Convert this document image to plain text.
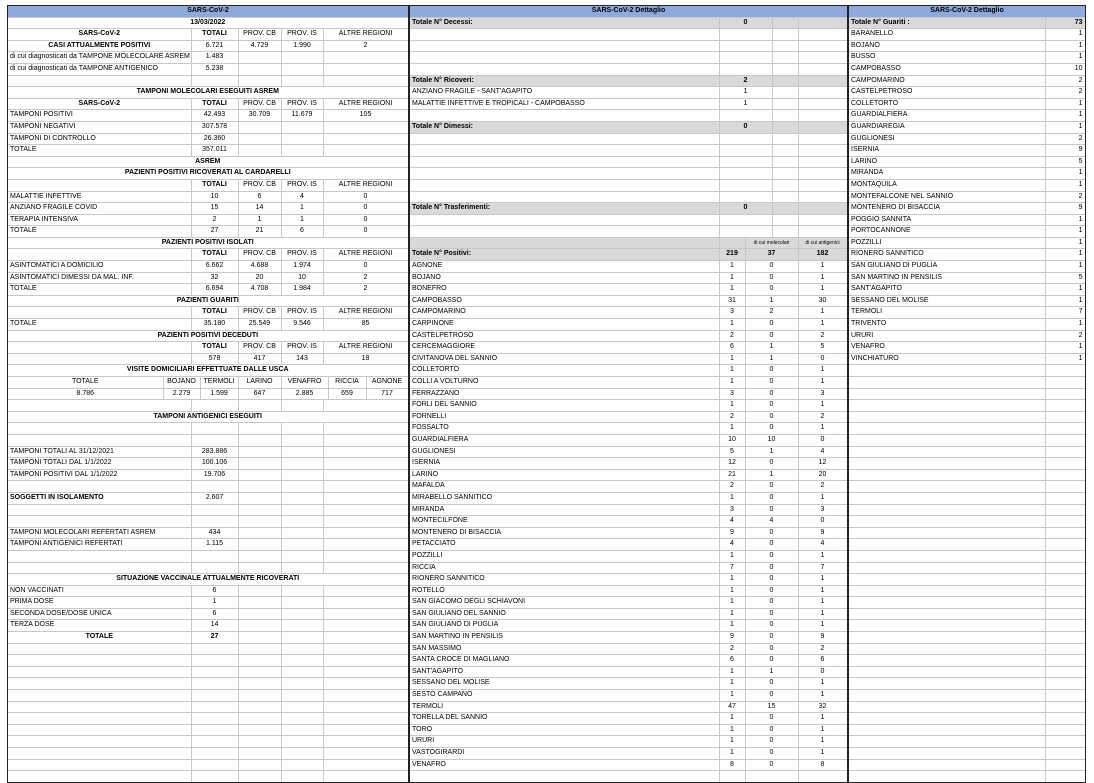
SARS-CoV-2				
13/03/2022				
SARS-CoV-2	TOTALI	PROV. CB	PROV. IS	ALTRE REGIONI
CASI ATTUALMENTE POSITIVI	6.721	4.729	1.990	2
di cui diagnosticati da TAMPONE MOLECOLARE ASREM	1.483			
di cui diagnosticati da TAMPONE ANTIGENICO	5.238			

TAMPONI MOLECOLARI ESEGUITI ASREM				
SARS-CoV-2	TOTALI	PROV. CB	PROV. IS	ALTRE REGIONI
TAMPONI POSITIVI	42.493	30.709	11.679	105
TAMPONI NEGATIVI	307.578			
TAMPONI DI CONTROLLO	26.360			
TOTALE	357.011			
ASREM				
PAZIENTI POSITIVI RICOVERATI AL CARDARELLI				
	TOTALI	PROV. CB	PROV. IS	ALTRE REGIONI
MALATTIE INFETTIVE	10	6	4	0
ANZIANO FRAGILE COVID	15	14	1	0
TERAPIA INTENSIVA	2	1	1	0
TOTALE	27	21	6	0
PAZIENTI POSITIVI ISOLATI				
	TOTALI	PROV. CB	PROV. IS	ALTRE REGIONI
ASINTOMATICI A DOMICILIO	6.662	4.688	1.974	0
ASINTOMATICI DIMESSI DA MAL. INF.	32	20	10	2
TOTALE	6.694	4.708	1.984	2
PAZIENTI GUARITI				
	TOTALI	PROV. CB	PROV. IS	ALTRE REGIONI
TOTALE	35.180	25.549	9.546	85
PAZIENTI POSITIVI DECEDUTI				
	TOTALI	PROV. CB	PROV. IS	ALTRE REGIONI
	578	417	143	18
VISITE DOMICILIARI EFFETTUATE DALLE USCA						
TOTALE	BOJANO	TERMOLI	LARINO	VENAFRO	RICCIA	AGNONE
8.786	2.279	1.599	647	2.885	659	717

TAMPONI ANTIGENICI ESEGUITI				

TAMPONI TOTALI AL 31/12/2021	283.886			
TAMPONI TOTALI DAL 1/1/2022	100.106			
TAMPONI POSITIVI DAL 1/1/2022	19.706			

SOGGETTI IN ISOLAMENTO	2.607			

TAMPONI MOLECOLARI REFERTATI ASREM	434			
TAMPONI ANTIGENICI REFERTATI	1.115			

SITUAZIONE VACCINALE ATTUALMENTE RICOVERATI				
NON VACCINATI	6			
PRIMA DOSE	1			
SECONDA DOSE/DOSE UNICA	6			
TERZA DOSE	14			
TOTALE	27			

SARS-CoV-2 Dettaglio				
Totale N° Decessi:	0			

Totale N° Ricoveri:	2			
ANZIANO FRAGILE - SANT'AGAPITO	1			
MALATTIE INFETTIVE E TROPICALI - CAMPOBASSO	1			

Totale N° Dimessi:	0			

Totale N° Trasferimenti:	0			

		di cui molecolari		di cui antigenici
Totale N° Positivi:	219	37		182
AGNONE	1	0		1
BOJANO	1	0		1
BONEFRO	1	0		1
CAMPOBASSO	31	1		30
CAMPOMARINO	3	2		1
CARPINONE	1	0		1
CASTELPETROSO	2	0		2
CERCEMAGGIORE	6	1		5
CIVITANOVA DEL SANNIO	1	1		0
COLLETORTO	1	0		1
COLLI A VOLTURNO	1	0		1
FERRAZZANO	3	0		3
FORLI DEL SANNIO	1	0		1
FORNELLI	2	0		2
FOSSALTO	1	0		1
GUARDIALFIERA	10	10		0
GUGLIONESI	5	1		4
ISERNIA	12	0		12
LARINO	21	1		20
MAFALDA	2	0		2
MIRABELLO SANNITICO	1	0		1
MIRANDA	3	0		3
MONTECILFONE	4	4		0
MONTENERO DI BISACCIA	9	0		9
PETACCIATO	4	0		4
POZZILLI	1	0		1
RICCIA	7	0		7
RIONERO SANNITICO	1	0		1
ROTELLO	1	0		1
SAN GIACOMO DEGLI SCHIAVONI	1	0		1
SAN GIULIANO DEL SANNIO	1	0		1
SAN GIULIANO DI PUGLIA	1	0		1
SAN MARTINO IN PENSILIS	9	0		9
SAN MASSIMO	2	0		2
SANTA CROCE DI MAGLIANO	6	0		6
SANT'AGAPITO	1	1		0
SESSANO DEL MOLISE	1	0		1
SESTO CAMPANO	1	0		1
TERMOLI	47	15		32
TORELLA DEL SANNIO	1	0		1
TORO	1	0		1
URURI	1	0		1
VASTOGIRARDI	1	0		1
VENAFRO	8	0		8

SARS-CoV-2 Dettaglio	
Totale N° Guariti :	73
BARANELLO	1
BOJANO	1
BUSSO	1
CAMPOBASSO	10
CAMPOMARINO	2
CASTELPETROSO	2
COLLETORTO	1
GUARDIALFIERA	1
GUARDIAREGIA	1
GUGLIONESI	2
ISERNIA	9
LARINO	5
MIRANDA	1
MONTAQUILA	1
MONTEFALCONE NEL SANNIO	2
MONTENERO DI BISACCIA	9
POGGIO SANNITA	1
PORTOCANNONE	1
POZZILLI	1
RIONERO SANNITICO	1
SAN GIULIANO DI PUGLIA	1
SAN MARTINO IN PENSILIS	5
SANT'AGAPITO	1
SESSANO DEL MOLISE	1
TERMOLI	7
TRIVENTO	1
URURI	2
VENAFRO	1
VINCHIATURO	1
